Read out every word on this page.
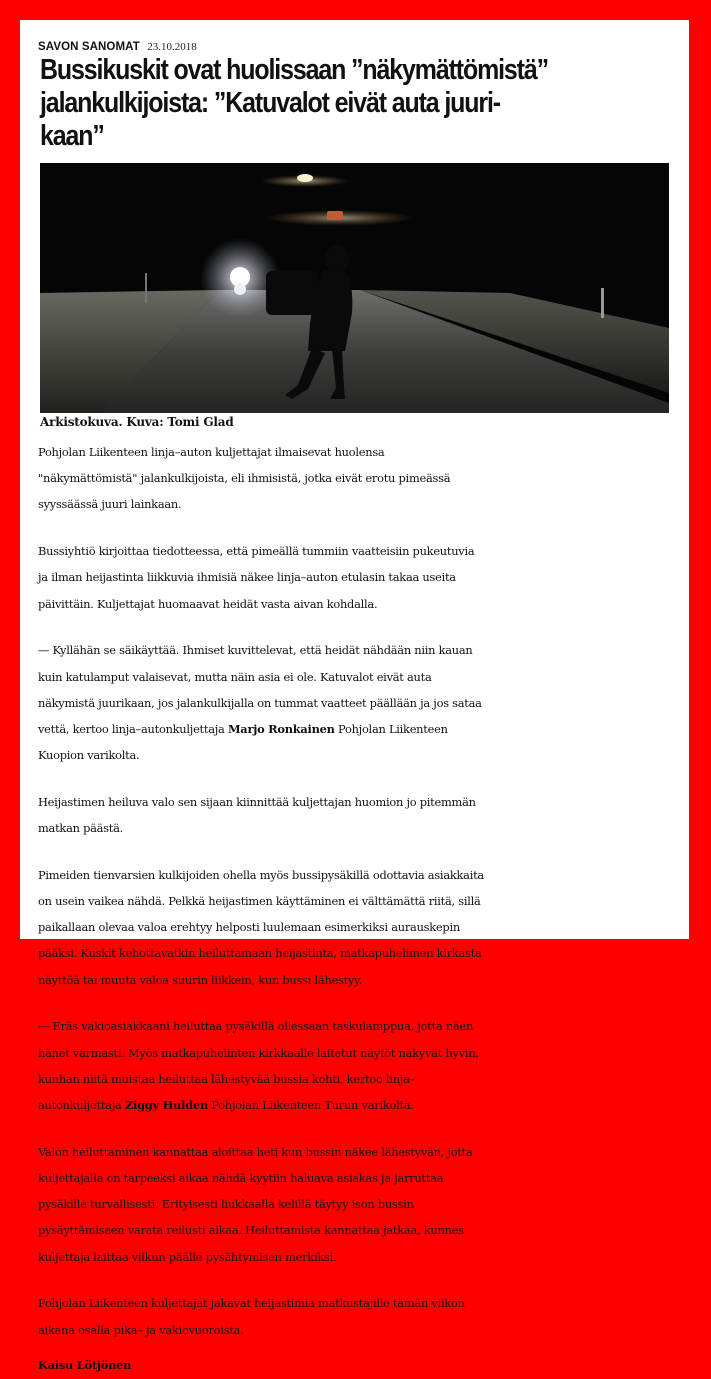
SAVON SANOMAT 23.10.2018
Bussikuskit ovat huolissaan ”näkymättömistä”
jalankulkijoista: ”Katuvalot eivät auta juuri-
kaan”
Arkistokuva. Kuva: Tomi Glad

Pohjolan Liikenteen linja–auton kuljettajat ilmaisevat huolensa

"näkymättömistä" jalankulkijoista, eli ihmisistä, jotka eivät erotu pimeässä

syyssäässä juuri lainkaan.

Bussiyhtiö kirjoittaa tiedotteessa, että pimeällä tummiin vaatteisiin pukeutuvia

ja ilman heijastinta liikkuvia ihmisiä näkee linja–auton etulasin takaa useita

päivittäin. Kuljettajat huomaavat heidät vasta aivan kohdalla.

— Kyllähän se säikäyttää. Ihmiset kuvittelevat, että heidät nähdään niin kauan

kuin katulamput valaisevat, mutta näin asia ei ole. Katuvalot eivät auta

näkymistä juurikaan, jos jalankulkijalla on tummat vaatteet päällään ja jos sataa

vettä, kertoo linja–autonkuljettaja Marjo Ronkainen Pohjolan Liikenteen

Kuopion varikolta.

Heijastimen heiluva valo sen sijaan kiinnittää kuljettajan huomion jo pitemmän

matkan päästä.

Pimeiden tienvarsien kulkijoiden ohella myös bussipysäkillä odottavia asiakkaita

on usein vaikea nähdä. Pelkkä heijastimen käyttäminen ei välttämättä riitä, sillä

paikallaan olevaa valoa erehtyy helposti luulemaan esimerkiksi aurauskepin

pääksi. Kuskit kehottavatkin heiluttamaan heijastinta, matkapuhelimen kirkasta

näyttöä tai muuta valoa suurin liikkein, kun bussi lähestyy.

— Eräs vakioasiakkaani heiluttaa pysäkillä ollessaan taskulamppua, jotta näen

hänet varmasti. Myös matkapuhelinten kirkkaalle laitetut näytöt näkyvät hyvin,

kunhan niitä muistaa heiluttaa lähestyvää bussia kohti, kertoo linja–

autonkuljettaja Ziggy Hulden Pohjolan Liikenteen Turun varikolta.

Valon heiluttaminen kannattaa aloittaa heti kun bussin näkee lähestyvän, jotta

kuljettajalla on tarpeeksi aikaa nähdä kyytiin haluava asiakas ja jarruttaa

pysäkille turvallisesti. Erityisesti liukkaalla kelillä täytyy ison bussin

pysäyttämiseen varata reilusti aikaa. Heiluttamista kannattaa jatkaa, kunnes

kuljettaja laittaa vilkun päälle pysähtymisen merkiksi.

Pohjolan Liikenteen kuljettajat jakavat heijastimia matkustajille tämän viikon

aikana osalla pika– ja vakiovuoroista.

Kaisu Lötjönen
